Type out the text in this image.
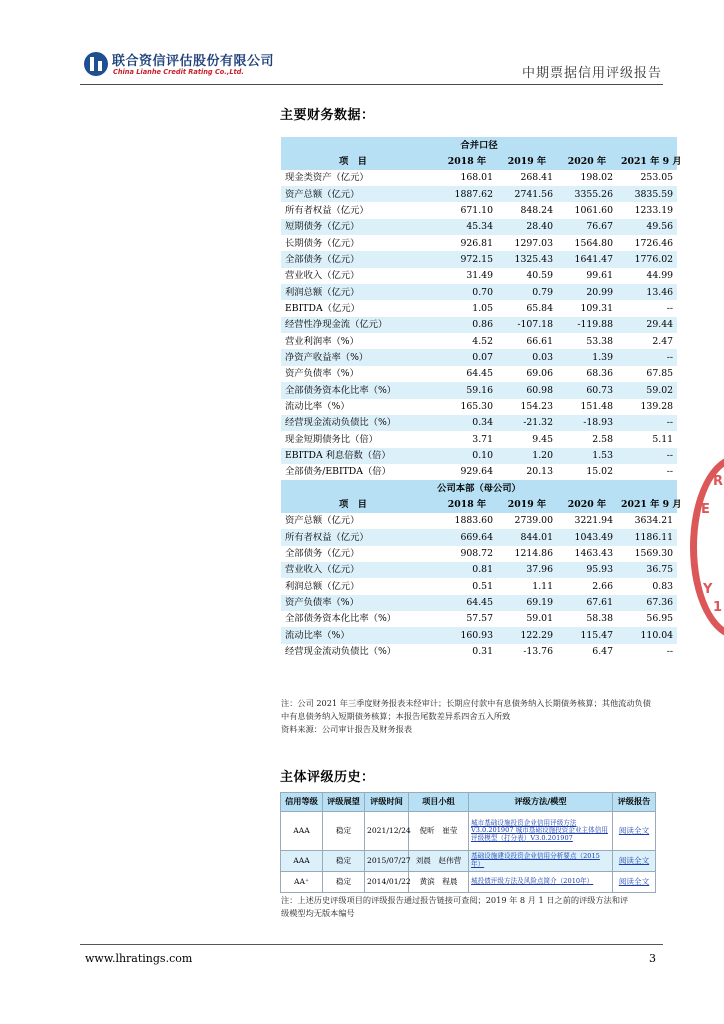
联合资信评估股份有限公司
China Lianhe Credit Rating Co.,Ltd.	中期票据信用评级报告
主要财务数据：
合并口径				
项　目	2018 年	2019 年	2020 年	2021 年 9 月
现金类资产（亿元）	168.01	268.41	198.02	253.05
资产总额（亿元）	1887.62	2741.56	3355.26	3835.59
所有者权益（亿元）	671.10	848.24	1061.60	1233.19
短期债务（亿元）	45.34	28.40	76.67	49.56
长期债务（亿元）	926.81	1297.03	1564.80	1726.46
全部债务（亿元）	972.15	1325.43	1641.47	1776.02
营业收入（亿元）	31.49	40.59	99.61	44.99
利润总额（亿元）	0.70	0.79	20.99	13.46
EBITDA（亿元）	1.05	65.84	109.31	--
经营性净现金流（亿元）	0.86	-107.18	-119.88	29.44
营业利润率（%）	4.52	66.61	53.38	2.47
净资产收益率（%）	0.07	0.03	1.39	--
资产负债率（%）	64.45	69.06	68.36	67.85
全部债务资本化比率（%）	59.16	60.98	60.73	59.02
流动比率（%）	165.30	154.23	151.48	139.28
经营现金流动负债比（%）	0.34	-21.32	-18.93	--
现金短期债务比（倍）	3.71	9.45	2.58	5.11
EBITDA 利息倍数（倍）	0.10	1.20	1.53	--
全部债务/EBITDA（倍）	929.64	20.13	15.02	--
公司本部（母公司）				
项　目	2018 年	2019 年	2020 年	2021 年 9 月
资产总额（亿元）	1883.60	2739.00	3221.94	3634.21
所有者权益（亿元）	669.64	844.01	1043.49	1186.11
全部债务（亿元）	908.72	1214.86	1463.43	1569.30
营业收入（亿元）	0.81	37.96	95.93	36.75
利润总额（亿元）	0.51	1.11	2.66	0.83
资产负债率（%）	64.45	69.19	67.61	67.36
全部债务资本化比率（%）	57.57	59.01	58.38	56.95
流动比率（%）	160.93	122.29	115.47	110.04
经营现金流动负债比（%）	0.31	-13.76	6.47	--
注：公司 2021 年三季度财务报表未经审计；长期应付款中有息债务纳入长期债务核算；其他流动负债
中有息债务纳入短期债务核算；本报告尾数差异系四舍五入所致
资料来源：公司审计报告及财务报表
主体评级历史：
信用等级	评级展望	评级时间	项目小组	评级方法/模型	评级报告
AAA	稳定	2021/12/24	倪昕　崔莹	城市基础设施投资企业信用评级方法 V3.0.201907 城市基础设施投资企业主体信用评级模型（打分表）V3.0.201907	阅读全文
AAA	稳定	2015/07/27	刘晨　赵伟营	基础设施建设投资企业信用分析要点（2015 年）	阅读全文
AA⁺	稳定	2014/01/22	黄滨　程晨	城投债评级方法及风险点简介（2010年）	阅读全文
注：上述历史评级项目的评级报告通过报告链接可查阅；2019 年 8 月 1 日之前的评级方法和评
级模型均无版本编号
www.lhratings.com	3
R
E
Y
1
